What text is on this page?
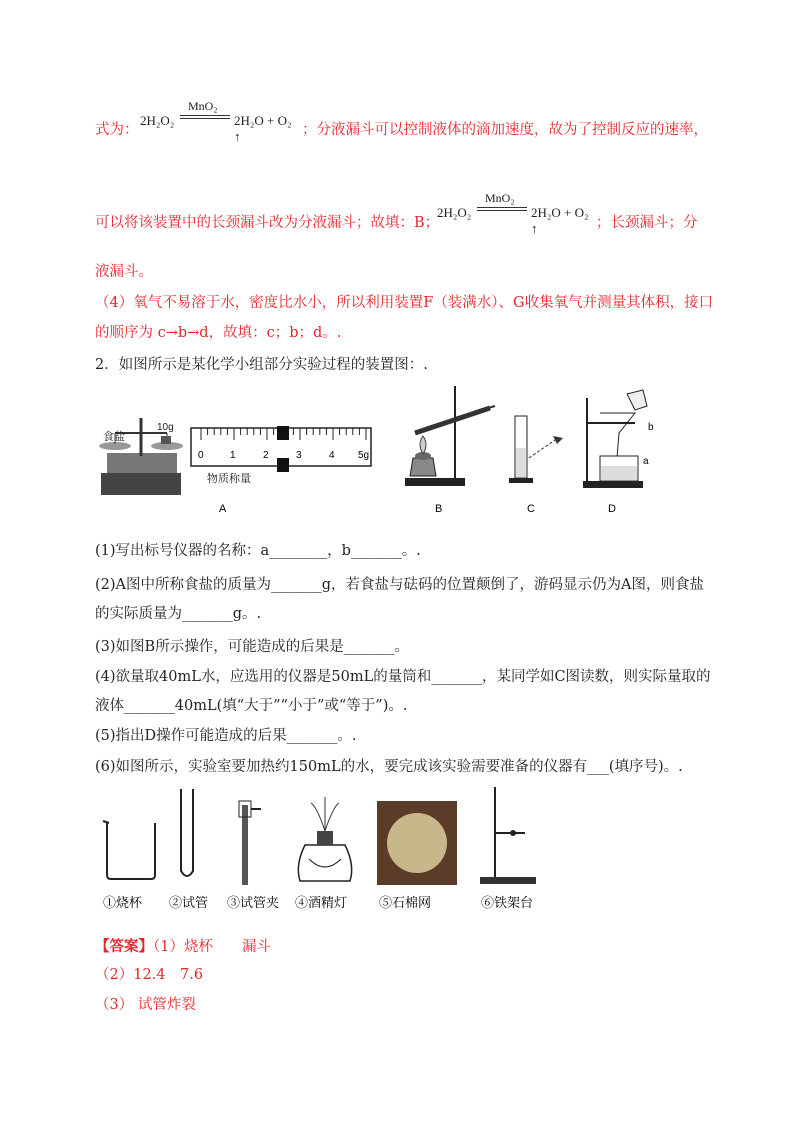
式为：
2H₂O₂
MnO₂
2H₂O + O₂ ↑	；分液漏斗可以控制液体的滴加速度，故为了控制反应的速率，
可以将该装置中的长颈漏斗改为分液漏斗；故填：B；
2H₂O₂
MnO₂
2H₂O + O₂ ↑	；长颈漏斗；分
液漏斗。
（4）氧气不易溶于水，密度比水小，所以利用装置F（装满水）、G收集氧气并测量其体积，接口
的顺序为 c→b→d，故填：c；b；d。.
2．如图所示是某化学小组部分实验过程的装置图：.
食盐
10g
0	1	2	3	4 5g
物质称量
A	B	C
b
a
D
(1)写出标号仪器的名称：a________，b_______。.
(2)A图中所称食盐的质量为_______g，若食盐与砝码的位置颠倒了，游码显示仍为A图，则食盐
的实际质量为_______g。.
(3)如图B所示操作，可能造成的后果是_______。
(4)欲量取40mL水，应选用的仪器是50mL的量筒和_______，某同学如C图读数，则实际量取的
液体_______40mL(填“大于”“小于”或“等于”)。.
(5)指出D操作可能造成的后果_______。.
(6)如图所示，实验室要加热约150mL的水，要完成该实验需要准备的仪器有___(填序号)。.
①烧杯 ②试管 ③试管夹 ④酒精灯 ⑤石棉网	⑥铁架台
【答案】（1）烧杯　　漏斗
（2）12.4　7.6
（3） 试管炸裂
